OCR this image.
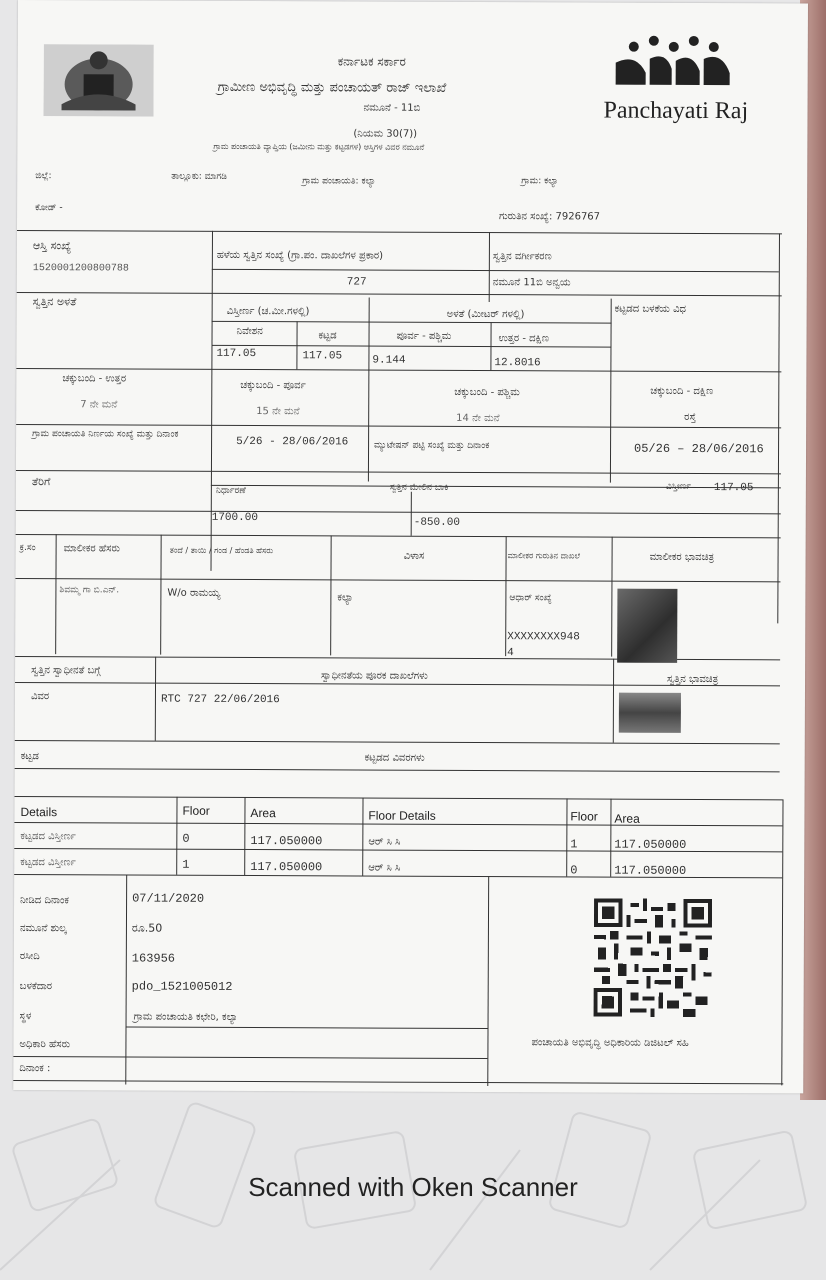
Panchayati Raj
ಕರ್ನಾಟಕ ಸರ್ಕಾರ
ಗ್ರಾಮೀಣ ಅಭಿವೃದ್ಧಿ ಮತ್ತು ಪಂಚಾಯತ್ ರಾಜ್ ಇಲಾಖೆ
ನಮೂನೆ - 11ಬಿ
(ನಿಯಮ 30(7))
ಗ್ರಾಮ ಪಂಚಾಯತಿ ವ್ಯಾಪ್ತಿಯ (ಜಮೀನು ಮತ್ತು ಕಟ್ಟಡಗಳ) ಆಸ್ತಿಗಳ ವಿವರ ನಮೂನೆ
ಜಿಲ್ಲೆ:	ತಾಲ್ಲೂಕು: ಮಾಗಡಿ	ಗ್ರಾಮ ಪಂಚಾಯತಿ: ಕಲ್ಯಾ	ಗ್ರಾಮ: ಕಲ್ಯಾ
ಕೋಡ್ -
ಗುರುತಿನ ಸಂಖ್ಯೆ: 7926767
ಆಸ್ತಿ ಸಂಖ್ಯೆ
1520001200800788
ಹಳೆಯ ಸ್ವತ್ತಿನ ಸಂಖ್ಯೆ (ಗ್ರಾ.ಪಂ. ದಾಖಲೆಗಳ ಪ್ರಕಾರ)
727
ಸ್ವತ್ತಿನ ವರ್ಗೀಕರಣ
ನಮೂನೆ 11ಬಿ ಅನ್ವಯ
ಸ್ವತ್ತಿನ ಅಳತೆ
ವಿಸ್ತೀರ್ಣ (ಚ.ಮೀ.ಗಳಲ್ಲಿ)	ಅಳತೆ (ಮೀಟರ್ ಗಳಲ್ಲಿ)	ಕಟ್ಟಡದ ಬಳಕೆಯ ವಿಧ
ನಿವೇಶನ	ಕಟ್ಟಡ	ಪೂರ್ವ - ಪಶ್ಚಿಮ	ಉತ್ತರ - ದಕ್ಷಿಣ
117.05	117.05	9.144	12.8016
ಚಕ್ಕುಬಂದಿ - ಉತ್ತರ
ಚಕ್ಕುಬಂದಿ - ಪೂರ್ವ
ಚಕ್ಕುಬಂದಿ - ಪಶ್ಚಿಮ	ಚಕ್ಕುಬಂದಿ - ದಕ್ಷಿಣ
7 ನೇ ಮನೆ
15 ನೇ ಮನೆ
14 ನೇ ಮನೆ	ರಸ್ತೆ
ಗ್ರಾಮ ಪಂಚಾಯತಿ ನಿರ್ಣಯ ಸಂಖ್ಯೆ ಮತ್ತು ದಿನಾಂಕ
5/26 - 28/06/2016	ಮ್ಯುಟೇಷನ್ ಪಟ್ಟಿ ಸಂಖ್ಯೆ ಮತ್ತು ದಿನಾಂಕ	05/26 – 28/06/2016
ತೆರಿಗೆ
ನಿರ್ಧಾರಣೆ	ಸ್ವತ್ತಿನ ಮೇಲಿನ ಬಾಕಿ	ವಿಸ್ತೀರ್ಣ 117.05
1700.00	-850.00
ಕ್ರ.ಸಂ	ಮಾಲೀಕರ ಹೆಸರು	ತಂದೆ / ತಾಯಿ / ಗಂಡ / ಹೆಂಡತಿ ಹೆಸರು
ವಿಳಾಸ	ಮಾಲೀಕರ ಗುರುತಿನ ದಾಖಲೆ	ಮಾಲೀಕರ ಭಾವಚಿತ್ರ
ಶಿವಮ್ಮ ಗಾ ಬಿ.ಎನ್.	W/o ರಾಮಯ್ಯ	ಕಲ್ಯಾ	ಆಧಾರ್ ಸಂಖ್ಯೆ
XXXXXXXX948
4
ಸ್ವತ್ತಿನ ಸ್ವಾಧೀನತೆ ಬಗ್ಗೆ
ವಿವರ
ಸ್ವಾಧೀನತೆಯ ಪೂರಕ ದಾಖಲೆಗಳು
RTC 727 22/06/2016
ಸ್ವತ್ತಿನ ಭಾವಚಿತ್ರ
ಕಟ್ಟಡ	ಕಟ್ಟಡದ ವಿವರಗಳು
Details	Floor	Area	Floor Details	Floor Area
ಕಟ್ಟಡದ ವಿಸ್ತೀರ್ಣ	0	117.050000	ಆರ್ ಸಿ ಸಿ	1	117.050000
ಕಟ್ಟಡದ ವಿಸ್ತೀರ್ಣ	1	117.050000	ಆರ್ ಸಿ ಸಿ	0	117.050000
ನೀಡಿದ ದಿನಾಂಕ	07/11/2020
ನಮೂನೆ ಶುಲ್ಕ	ರೂ.50
ರಸೀದಿ	163956
ಬಳಕೆದಾರ	pdo_1521005012
ಸ್ಥಳ	ಗ್ರಾಮ ಪಂಚಾಯತಿ ಕಛೇರಿ, ಕಲ್ಯಾ
ಅಧಿಕಾರಿ ಹೆಸರು
ದಿನಾಂಕ :
ಪಂಚಾಯತಿ ಅಭಿವೃದ್ಧಿ ಅಧಿಕಾರಿಯ ಡಿಜಿಟಲ್ ಸಹಿ
Scanned with Oken Scanner
